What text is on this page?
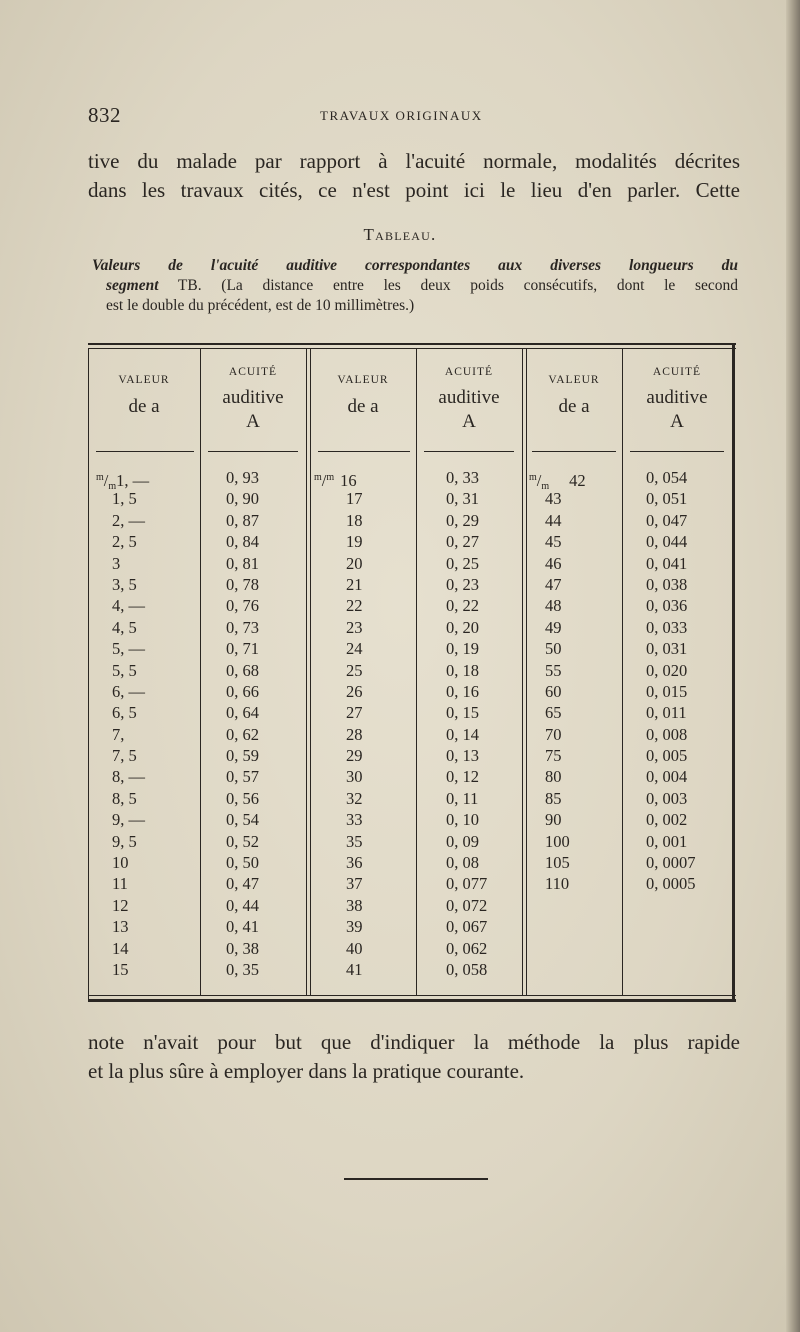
832	TRAVAUX ORIGINAUX
tive du malade par rapport à l'acuité normale, modalités décrites
dans les travaux cités, ce n'est point ici le lieu d'en parler. Cette
Tableau.
Valeurs de l'acuité auditive correspondantes aux diverses longueurs du
segment TB. (La distance entre les deux poids consécutifs, dont le second
est le double du précédent, est de 10 millimètres.)
VALEUR
de a
ACUITÉ
auditive
A
VALEUR
de a
ACUITÉ
auditive
A
VALEUR
de a
ACUITÉ
auditive
A
$^m/_m1$, —
1, 5
2, —
2, 5
3
3, 5
4, —
4, 5
5, —
5, 5
6, —
6, 5
7,
7, 5
8, —
8, 5
9, —
9, 5
10
11
12
13
14
15
0, 93
0, 90
0, 87
0, 84
0, 81
0, 78
0, 76
0, 73
0, 71
0, 68
0, 66
0, 64
0, 62
0, 59
0, 57
0, 56
0, 54
0, 52
0, 50
0, 47
0, 44
0, 41
0, 38
0, 35
$^m$/$^m$ 16
17
18
19
20
21
22
23
24
25
26
27
28
29
30
32
33
35
36
37
38
39
40
41
0, 33
0, 31
0, 29
0, 27
0, 25
0, 23
0, 22
0, 20
0, 19
0, 18
0, 16
0, 15
0, 14
0, 13
0, 12
0, 11
0, 10
0, 09
0, 08
0, 077
0, 072
0, 067
0, 062
0, 058
$^m/_m$ 42
43
44
45
46
47
48
49
50
55
60
65
70
75
80
85
90
100
105
110
0, 054
0, 051
0, 047
0, 044
0, 041
0, 038
0, 036
0, 033
0, 031
0, 020
0, 015
0, 011
0, 008
0, 005
0, 004
0, 003
0, 002
0, 001
0, 0007
0, 0005
note n'avait pour but que d'indiquer la méthode la plus rapide
et la plus sûre à employer dans la pratique courante.
